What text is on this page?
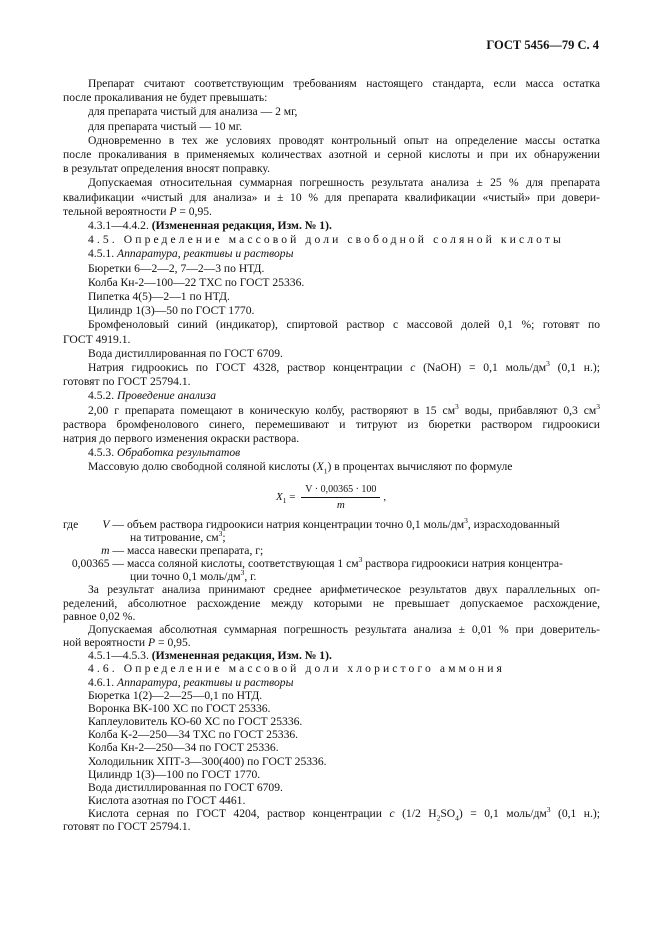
ГОСТ 5456—79 С. 4
Препарат считают соответствующим требованиям настоящего стандарта, если масса остатка
после прокаливания не будет превышать:
для препарата чистый для анализа — 2 мг,
для препарата чистый — 10 мг.
Одновременно в тех же условиях проводят контрольный опыт на определение массы остатка
после прокаливания в применяемых количествах азотной и серной кислоты и при их обнаружении
в результат определения вносят поправку.
Допускаемая относительная суммарная погрешность результата анализа ± 25 % для препарата
квалификации «чистый для анализа» и ± 10 % для препарата квалификации «чистый» при довери-
тельной вероятности P = 0,95.
4.3.1—4.4.2. (Измененная редакция, Изм. № 1).
4.5. Определение массовой доли свободной соляной кислоты
4.5.1. Аппаратура, реактивы и растворы
Бюретки 6—2—2, 7—2—3 по НТД.
Колба Кн-2—100—22 ТХС по ГОСТ 25336.
Пипетка 4(5)—2—1 по НТД.
Цилиндр 1(3)—50 по ГОСТ 1770.
Бромфеноловый синий (индикатор), спиртовой раствор с массовой долей 0,1 %; готовят по
ГОСТ 4919.1.
Вода дистиллированная по ГОСТ 6709.
Натрия гидроокись по ГОСТ 4328, раствор концентрации c (NaOH) = 0,1 моль/$дм^3$ (0,1 н.);
готовят по ГОСТ 25794.1.
4.5.2. Проведение анализа
2,00 г препарата помещают в коническую колбу, растворяют в 15 $см^3$ воды, прибавляют 0,3 $см^3$
раствора бромфенолового синего, перемешивают и титруют из бюретки раствором гидроокиси
натрия до первого изменения окраски раствора.
4.5.3. Обработка результатов
Массовую долю свободной соляной кислоты $(X_1)$ в процентах вычисляют по формуле
$X_1 = \frac{V \cdot 0,00365 \cdot 100}{m}$ ,
где	V — объем раствора гидроокиси натрия концентрации точно 0,1 моль/$дм^3$, израсходованный
на титрование, $см^3$;
m — масса навески препарата, г;
0,00365 — масса соляной кислоты, соответствующая 1 $см^3$ раствора гидроокиси натрия концентра-
ции точно 0,1 моль/$дм^3$, г.
За результат анализа принимают среднее арифметическое результатов двух параллельных оп-
ределений, абсолютное расхождение между которыми не превышает допускаемое расхождение,
равное 0,02 %.
Допускаемая абсолютная суммарная погрешность результата анализа ± 0,01 % при доверитель-
ной вероятности P = 0,95.
4.5.1—4.5.3. (Измененная редакция, Изм. № 1).
4.6. Определение массовой доли хлористого аммония
4.6.1. Аппаратура, реактивы и растворы
Бюретка 1(2)—2—25—0,1 по НТД.
Воронка ВК-100 ХС по ГОСТ 25336.
Каплеуловитель КО-60 ХС по ГОСТ 25336.
Колба К-2—250—34 ТХС по ГОСТ 25336.
Колба Кн-2—250—34 по ГОСТ 25336.
Холодильник ХПТ-3—300(400) по ГОСТ 25336.
Цилиндр 1(3)—100 по ГОСТ 1770.
Вода дистиллированная по ГОСТ 6709.
Кислота азотная по ГОСТ 4461.
Кислота серная по ГОСТ 4204, раствор концентрации c (1/2 $H_2SO_4) = 0,1$ моль/$дм^3$ (0,1 н.);
готовят по ГОСТ 25794.1.
